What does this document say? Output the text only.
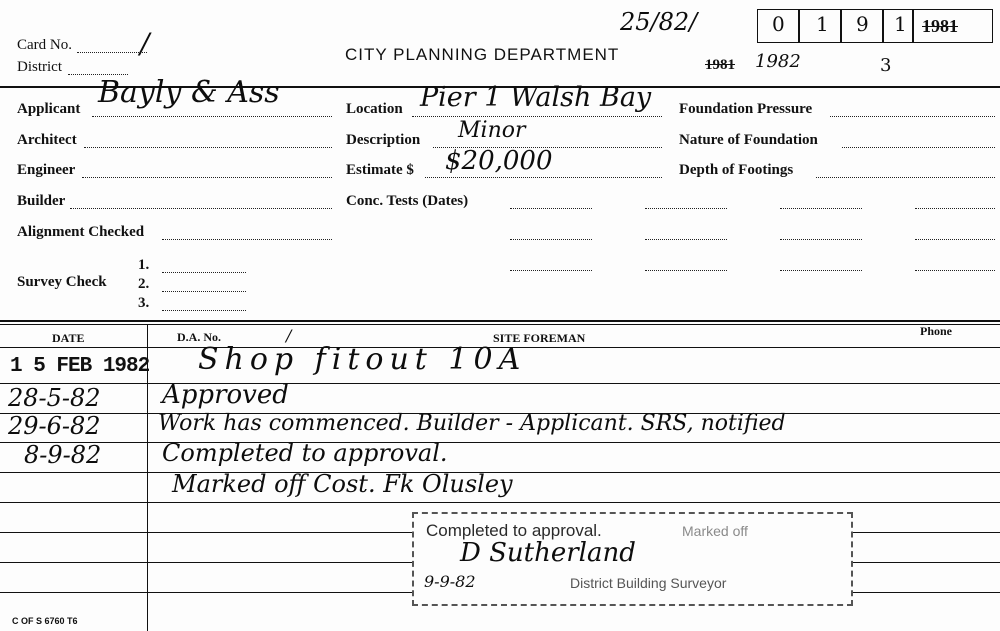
Card No. /
District
CITY PLANNING DEPARTMENT
25/82/	0 1 9 1 1981
1981 1982	3
Applicant Bayly & Ass
Architect
Engineer
Builder
Alignment Checked
Survey Check
1.
2.
3.
Location Pier 1 Walsh Bay
Description Minor
Estimate $ $20,000
Conc. Tests (Dates)
Foundation Pressure
Nature of Foundation
Depth of Footings
DATE	D.A. No.	/	SITE FOREMAN	Phone
1 5 FEB 1982 Shop fitout 10A
28-5-82 Approved
29-6-82	Work has commenced. Builder - Applicant. SRS, notified
8-9-82	Completed to approval.
Marked off Cost. Fk Olusley
Completed to approval.	Marked off
D Sutherland
9-9-82	District Building Surveyor
C OF S 6760 T6
